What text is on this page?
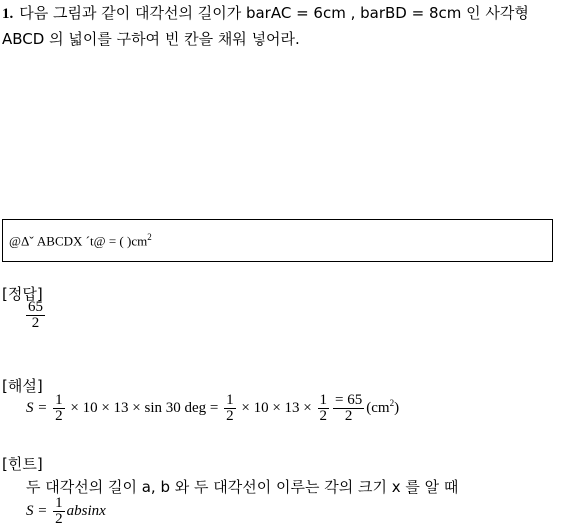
1. 다음 그림과 같이 대각선의 길이가 barAC = 6cm , barBD = 8cm 인 사각형
ABCD 의 넓이를 구하여 빈 칸을 채워 넣어라.
@Δˇ ABCDX ´t@ = ( )$cm^2$
[정답]
$\frac{65}{2}$
[해설]
$S = \frac{1}{2} \times 10 \times 13 \times \sin 30$ deg = $\frac{1}{2} \times 10 \times 13 \times \frac{1}{2} \frac{= 65}{2} (cm^2)$
[힌트]
두 대각선의 길이 a, b 와 두 대각선이 이루는 각의 크기 x 를 알 때
$S = \frac{1}{2}$ absinx
